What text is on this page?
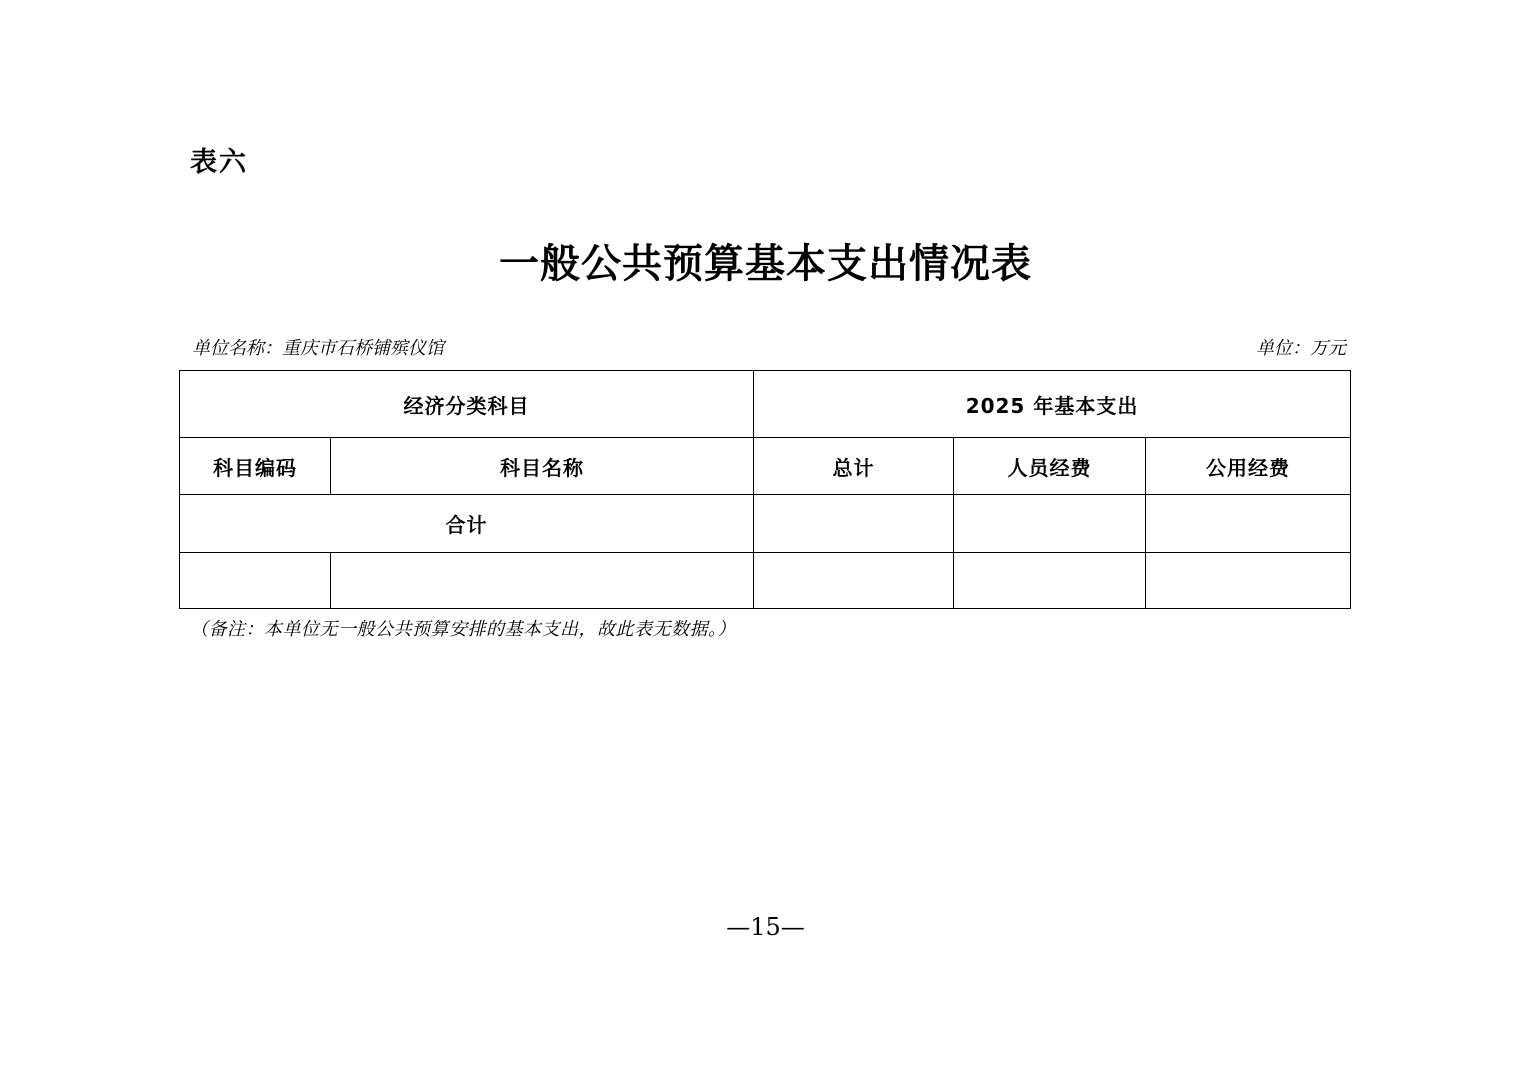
表六
一般公共预算基本支出情况表
单位名称：重庆市石桥铺殡仪馆	单位：万元
经济分类科目		2025 年基本支出		
科目编码	科目名称	总计	人员经费	公用经费
合计				

（备注：本单位无一般公共预算安排的基本支出，故此表无数据。）
—15—
